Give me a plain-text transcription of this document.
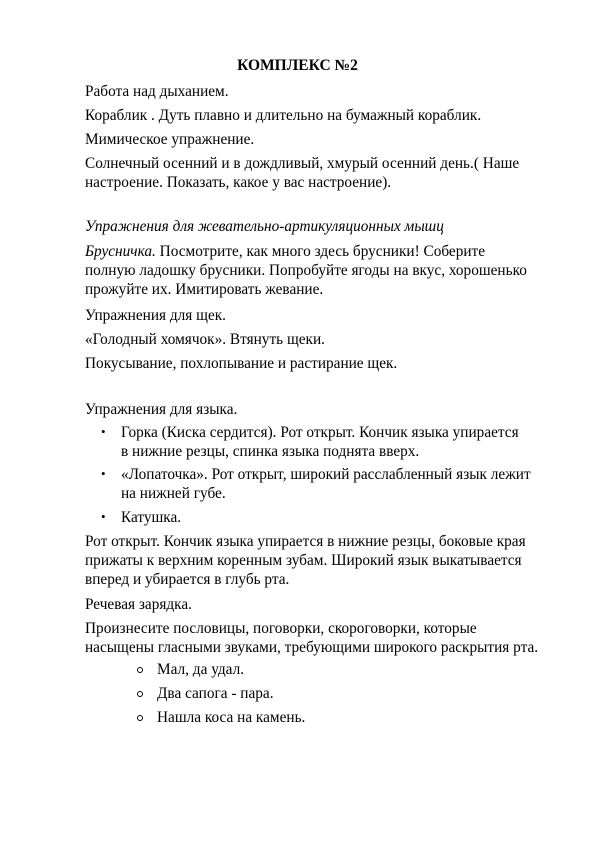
КОМПЛЕКС №2
Работа над дыханием.
Кораблик . Дуть плавно и длительно на бумажный кораблик.
Мимическое упражнение.
Солнечный осенний и в дождливый, хмурый осенний день.( Наше
настроение. Показать, какое у вас настроение).
Упражнения для жевательно-артикуляционных мышц
Брусничка. Посмотрите, как много здесь брусники! Соберите
полную ладошку брусники. Попробуйте ягоды на вкус, хорошенько
прожуйте их. Имитировать жевание.
Упражнения для щек.
«Голодный хомячок». Втянуть щеки.
Покусывание, похлопывание и растирание щек.
Упражнения для языка.
• Горка (Киска сердится). Рот открыт. Кончик языка упирается
в нижние резцы, спинка языка поднята вверх.
• «Лопаточка». Рот открыт, широкий расслабленный язык лежит
на нижней губе.
• Катушка.
Рот открыт. Кончик языка упирается в нижние резцы, боковые края
прижаты к верхним коренным зубам. Широкий язык выкатывается
вперед и убирается в глубь рта.
Речевая зарядка.
Произнесите пословицы, поговорки, скороговорки, которые
насыщены гласными звуками, требующими широкого раскрытия рта.
Мал, да удал.
Два сапога - пара.
Нашла коса на камень.
